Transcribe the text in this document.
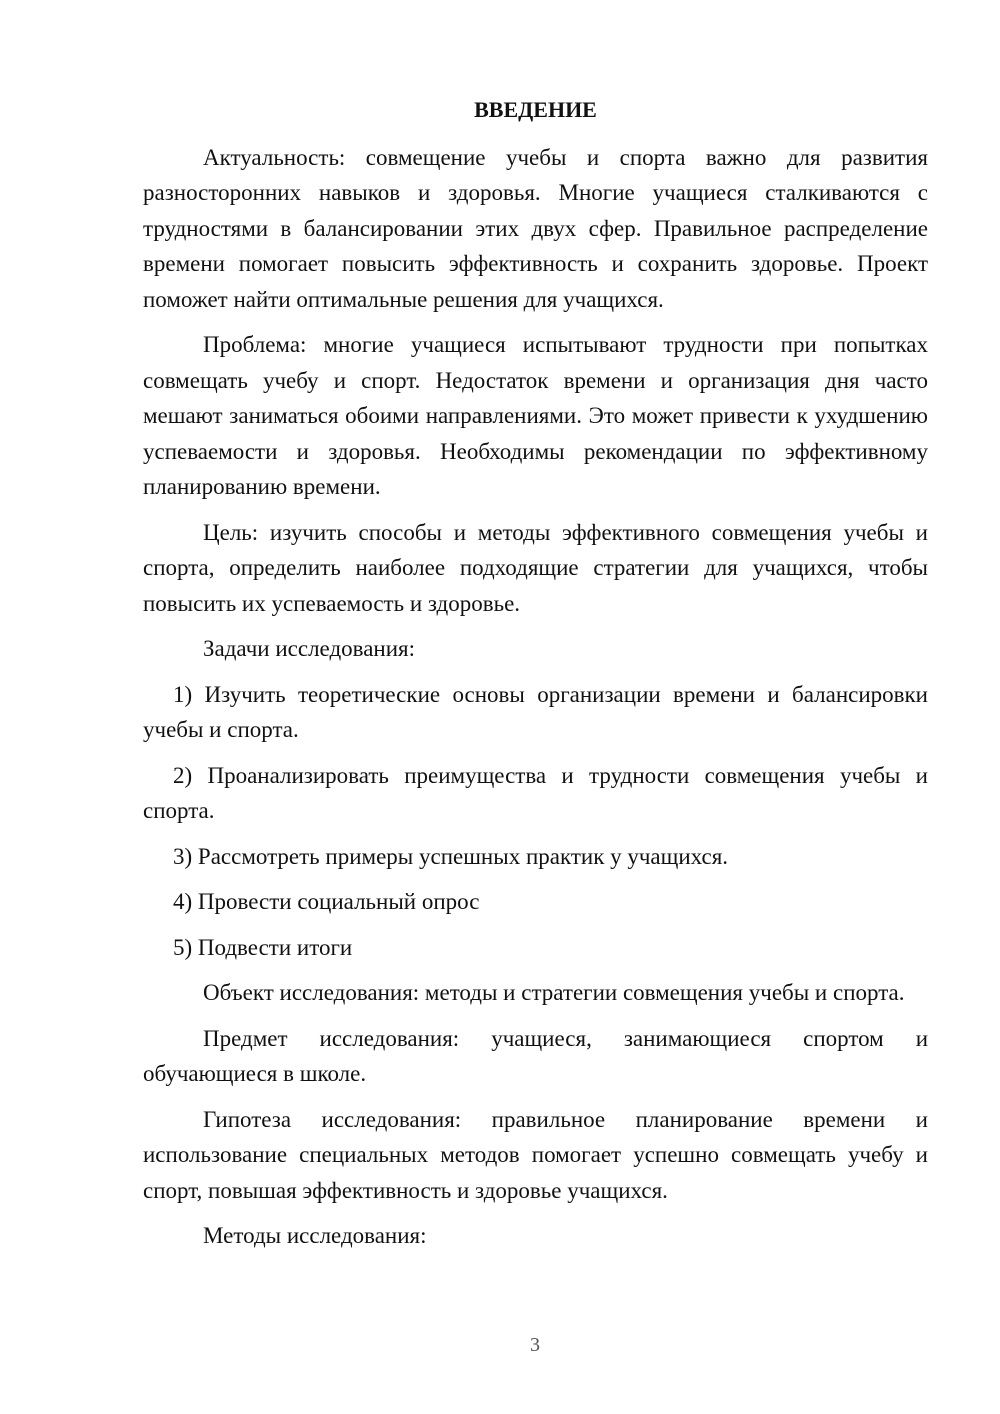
ВВЕДЕНИЕ

Актуальность: совмещение учебы и спорта важно для развития разносторонних навыков и здоровья. Многие учащиеся сталкиваются с трудностями в балансировании этих двух сфер. Правильное распределение времени помогает повысить эффективность и сохранить здоровье. Проект поможет найти оптимальные решения для учащихся.

Проблема: многие учащиеся испытывают трудности при попытках совмещать учебу и спорт. Недостаток времени и организация дня часто мешают заниматься обоими направлениями. Это может привести к ухудшению успеваемости и здоровья. Необходимы рекомендации по эффективному планированию времени.

Цель: изучить способы и методы эффективного совмещения учебы и спорта, определить наиболее подходящие стратегии для учащихся, чтобы повысить их успеваемость и здоровье.

Задачи исследования:

1) Изучить теоретические основы организации времени и балансировки учебы и спорта.

2) Проанализировать преимущества и трудности совмещения учебы и спорта.

3) Рассмотреть примеры успешных практик у учащихся.

4) Провести социальный опрос

5) Подвести итоги

Объект исследования: методы и стратегии совмещения учебы и спорта.

Предмет исследования: учащиеся, занимающиеся спортом и обучающиеся в школе.

Гипотеза исследования: правильное планирование времени и использование специальных методов помогает успешно совмещать учебу и спорт, повышая эффективность и здоровье учащихся.

Методы исследования:

3
